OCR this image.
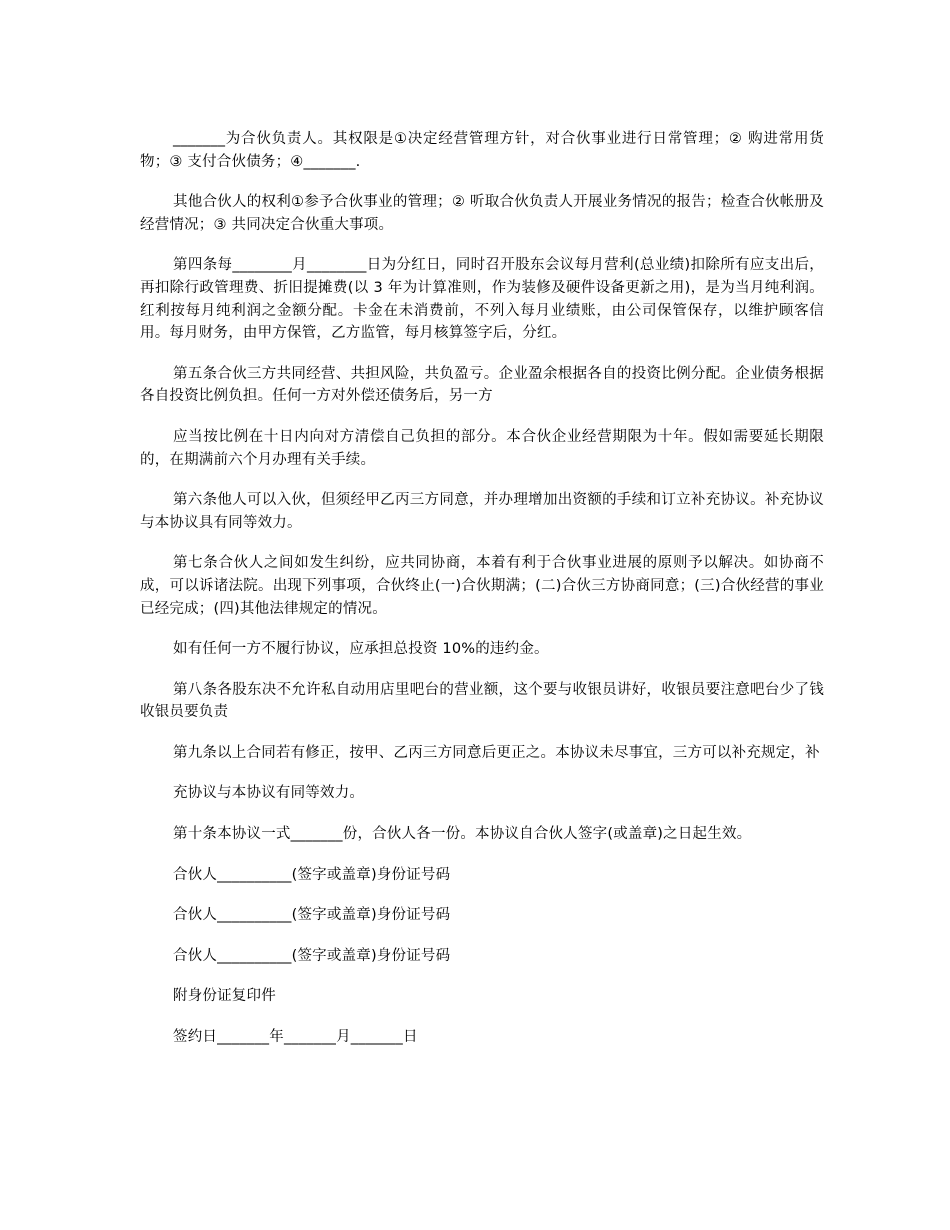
_______为合伙负责人。其权限是①决定经营管理方针，对合伙事业进行日常管理；② 购进常用货物；③ 支付合伙债务；④_______.

其他合伙人的权利①参予合伙事业的管理；② 听取合伙负责人开展业务情况的报告；检查合伙帐册及经营情况；③ 共同决定合伙重大事项。

第四条每________月________日为分红日，同时召开股东会议每月营利(总业绩)扣除所有应支出后，再扣除行政管理费、折旧提摊费(以 3 年为计算准则，作为装修及硬件设备更新之用)，是为当月纯利润。红利按每月纯利润之金额分配。卡金在未消费前，不列入每月业绩账，由公司保管保存，以维护顾客信用。每月财务，由甲方保管，乙方监管，每月核算签字后，分红。

第五条合伙三方共同经营、共担风险，共负盈亏。企业盈余根据各自的投资比例分配。企业债务根据各自投资比例负担。任何一方对外偿还债务后，另一方

应当按比例在十日内向对方清偿自己负担的部分。本合伙企业经营期限为十年。假如需要延长期限的，在期满前六个月办理有关手续。

第六条他人可以入伙，但须经甲乙丙三方同意，并办理增加出资额的手续和订立补充协议。补充协议与本协议具有同等效力。

第七条合伙人之间如发生纠纷，应共同协商，本着有利于合伙事业进展的原则予以解决。如协商不成，可以诉诸法院。出现下列事项，合伙终止(一)合伙期满；(二)合伙三方协商同意；(三)合伙经营的事业已经完成；(四)其他法律规定的情况。

如有任何一方不履行协议，应承担总投资 10%的违约金。

第八条各股东决不允许私自动用店里吧台的营业额，这个要与收银员讲好，收银员要注意吧台少了钱收银员要负责

第九条以上合同若有修正，按甲、乙丙三方同意后更正之。本协议未尽事宜，三方可以补充规定，补

充协议与本协议有同等效力。

第十条本协议一式_______份，合伙人各一份。本协议自合伙人签字(或盖章)之日起生效。

合伙人__________(签字或盖章)身份证号码

合伙人__________(签字或盖章)身份证号码

合伙人__________(签字或盖章)身份证号码

附身份证复印件

签约日_______年_______月_______日
